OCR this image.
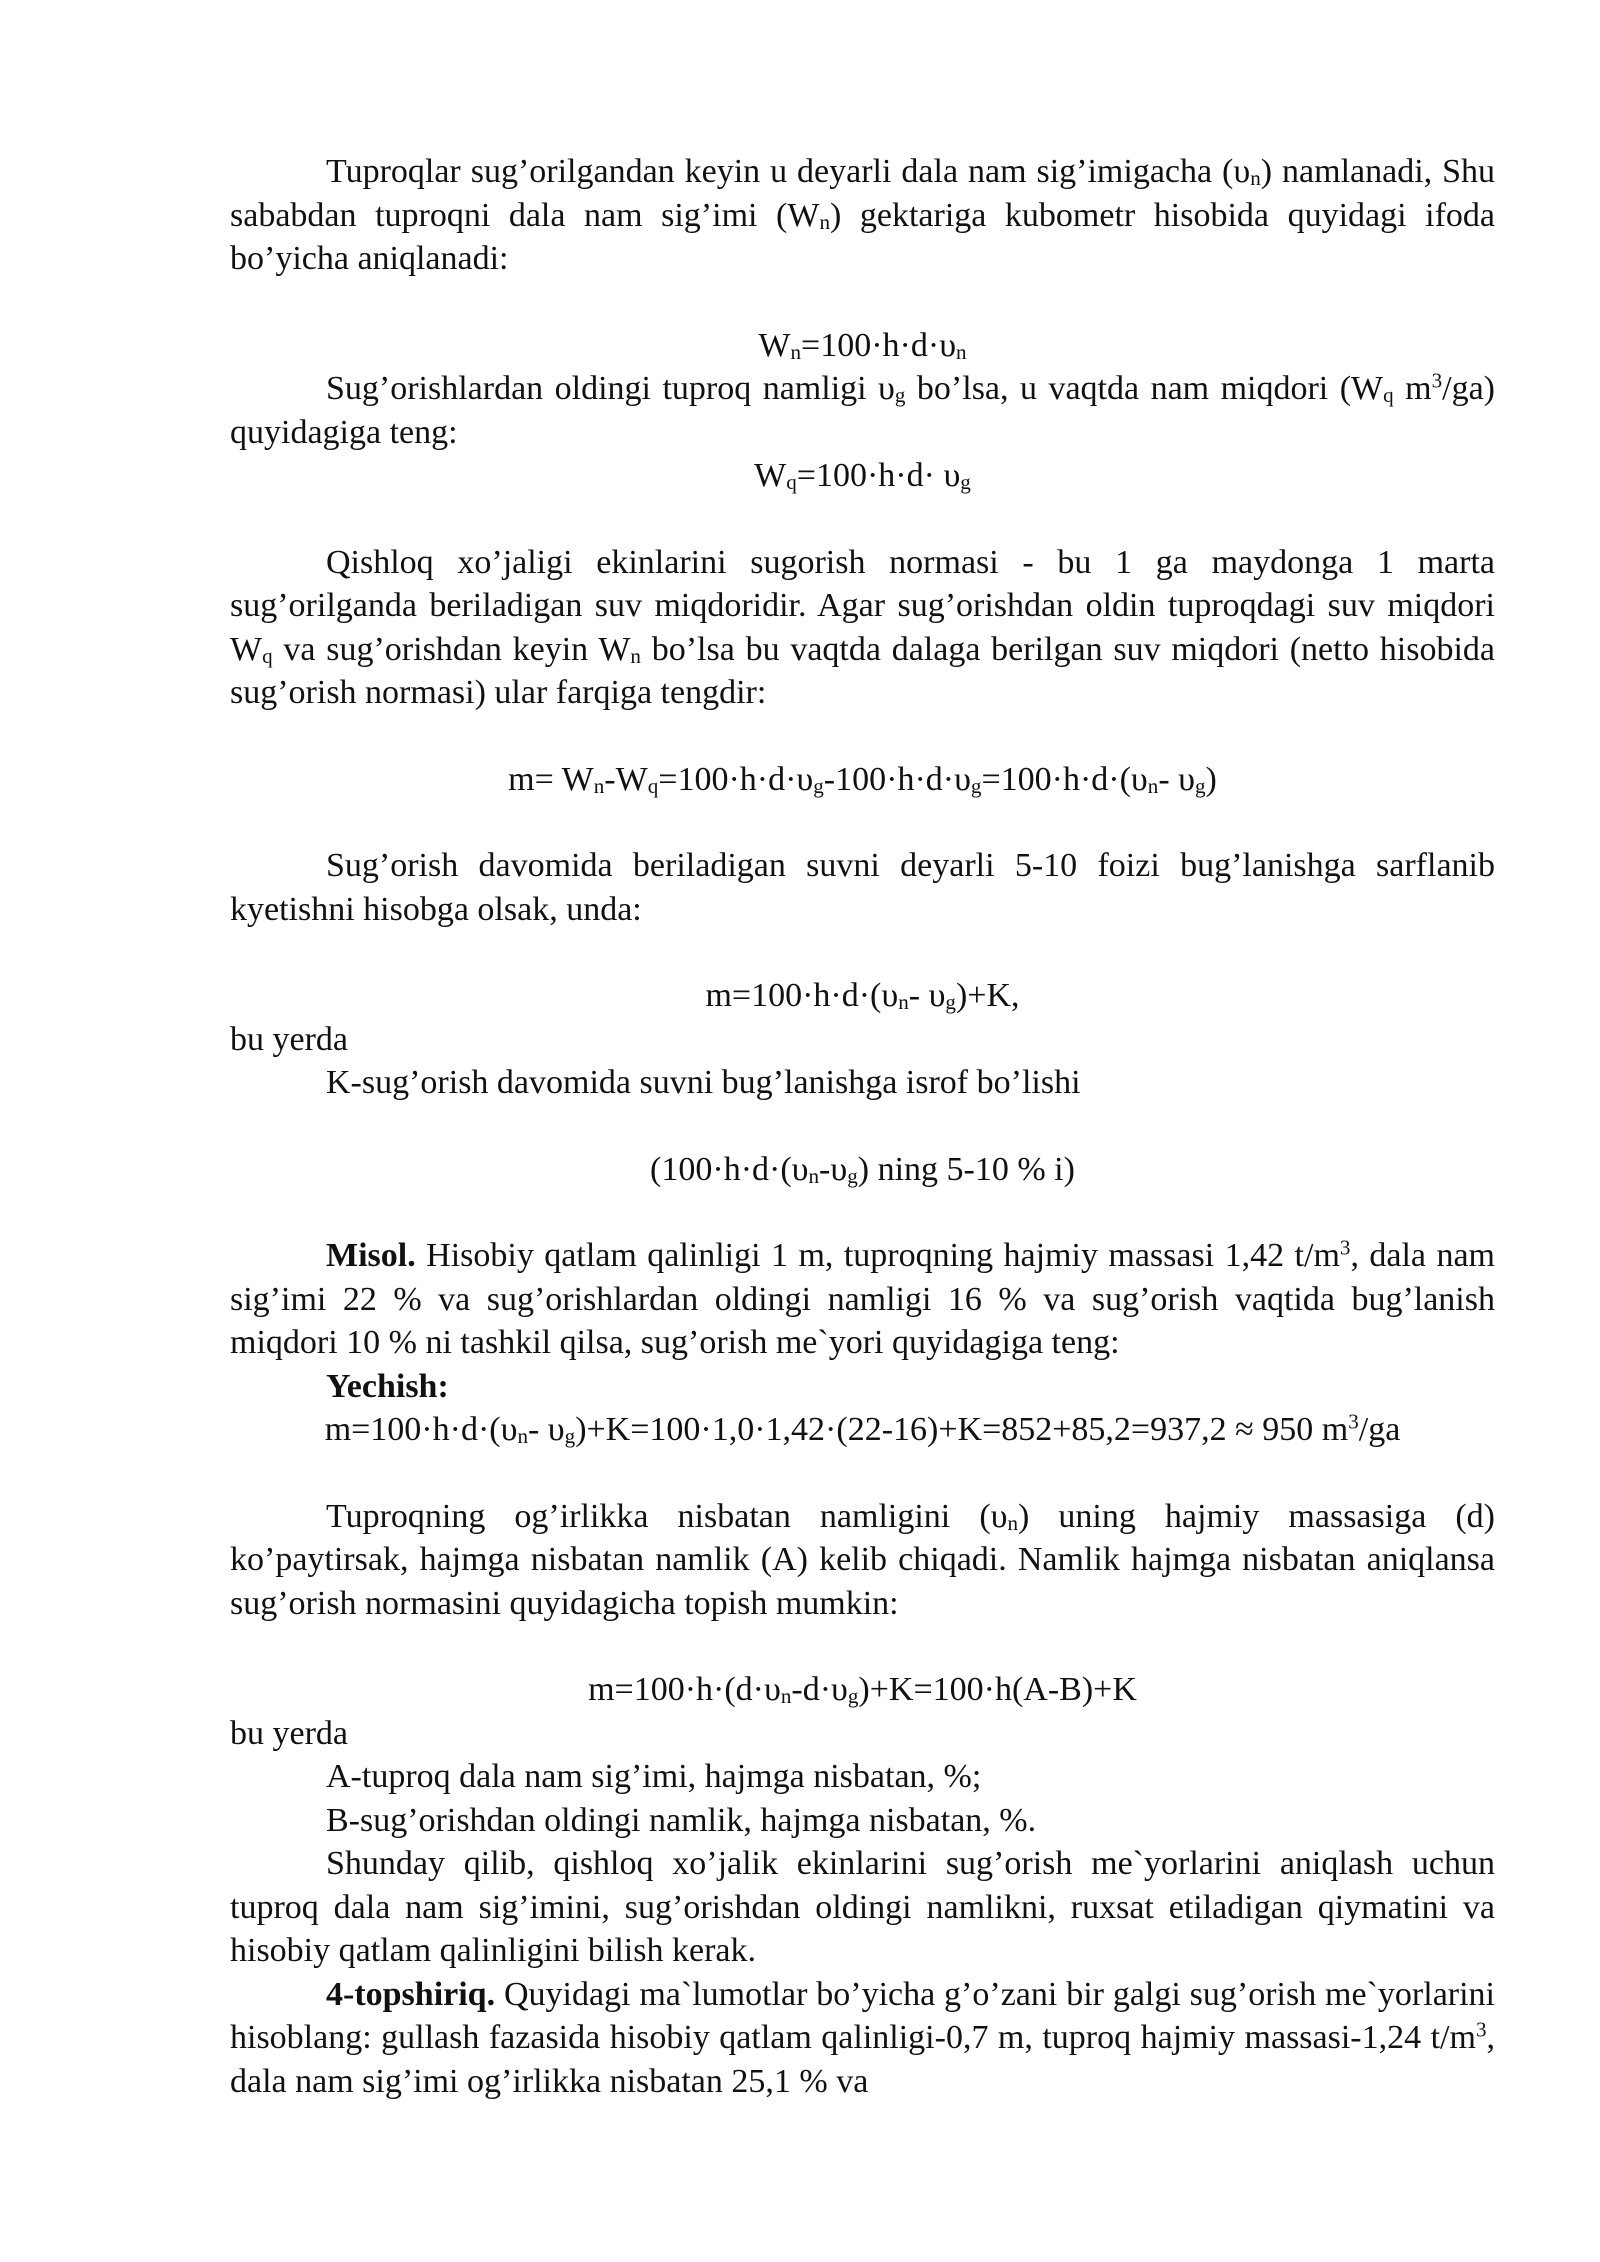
Tuproqlar sug’orilgandan keyin u deyarli dala nam sig’imigacha $(\upsilon_n)$ namlanadi, Shu sababdan tuproqni dala nam sig’imi $(W_n)$ gektariga kubometr hisobida quyidagi ifoda bo’yicha aniqlanadi:

$W_n=100\cdot h\cdot d\cdot\upsilon_n$

Sug’orishlardan oldingi tuproq namligi $\upsilon_g$ bo’lsa, u vaqtda nam miqdori ($W_q$ $m^3/ga$) quyidagiga teng:

$W_q=100\cdot h\cdot d\cdot \upsilon_g$

Qishloq xo’jaligi ekinlarini sugorish normasi - bu 1 ga maydonga 1 marta sug’orilganda beriladigan suv miqdoridir. Agar sug’orishdan oldin tuproqdagi suv miqdori $W_q$ va sug’orishdan keyin $W_n$ bo’lsa bu vaqtda dalaga berilgan suv miqdori (netto hisobida sug’orish normasi) ular farqiga tengdir:

$m= W_n-W_q=100\cdot h\cdot d\cdot\upsilon_g-100\cdot h\cdot d\cdot\upsilon_g=100\cdot h\cdot d\cdot(\upsilon_n-$ $\upsilon_g$)

Sug’orish davomida beriladigan suvni deyarli 5-10 foizi bug’lanishga sarflanib kyetishni hisobga olsak, unda:

$m=100\cdot h\cdot d\cdot(\upsilon_n-$ $\upsilon_g)+K$,

bu yerda

K-sug’orish davomida suvni bug’lanishga isrof bo’lishi

($100\cdot h\cdot d\cdot(\upsilon_n-\upsilon_g)$ ning 5-10 % i)

Misol. Hisobiy qatlam qalinligi 1 m, tuproqning hajmiy massasi 1,42 $t/m^3$, dala nam sig’imi 22 % va sug’orishlardan oldingi namligi 16 % va sug’orish vaqtida bug’lanish miqdori 10 % ni tashkil qilsa, sug’orish me`yori quyidagiga teng:

Yechish:

$m=100\cdot h\cdot d\cdot(\upsilon_n-$ $\upsilon_g)+K=100\cdot 1,0\cdot 1,42\cdot(22-16)+K=852+85,2=937,2 \approx 950$ $m^3/ga$

Tuproqning og’irlikka nisbatan namligini $(\upsilon_n)$ uning hajmiy massasiga (d) ko’paytirsak, hajmga nisbatan namlik (A) kelib chiqadi. Namlik hajmga nisbatan aniqlansa sug’orish normasini quyidagicha topish mumkin:

$m=100\cdot h\cdot(d\cdot\upsilon_n-d\cdot\upsilon_g)+K=100\cdot h(A-B)+K$

bu yerda

A-tuproq dala nam sig’imi, hajmga nisbatan, %;

B-sug’orishdan oldingi namlik, hajmga nisbatan, %.

Shunday qilib, qishloq xo’jalik ekinlarini sug’orish me`yorlarini aniqlash uchun tuproq dala nam sig’imini, sug’orishdan oldingi namlikni, ruxsat etiladigan qiymatini va hisobiy qatlam qalinligini bilish kerak.

4-topshiriq. Quyidagi ma`lumotlar bo’yicha g’o’zani bir galgi sug’orish me`yorlarini hisoblang: gullash fazasida hisobiy qatlam qalinligi-0,7 m, tuproq hajmiy massasi-1,24 $t/m^3$, dala nam sig’imi og’irlikka nisbatan 25,1 % va
